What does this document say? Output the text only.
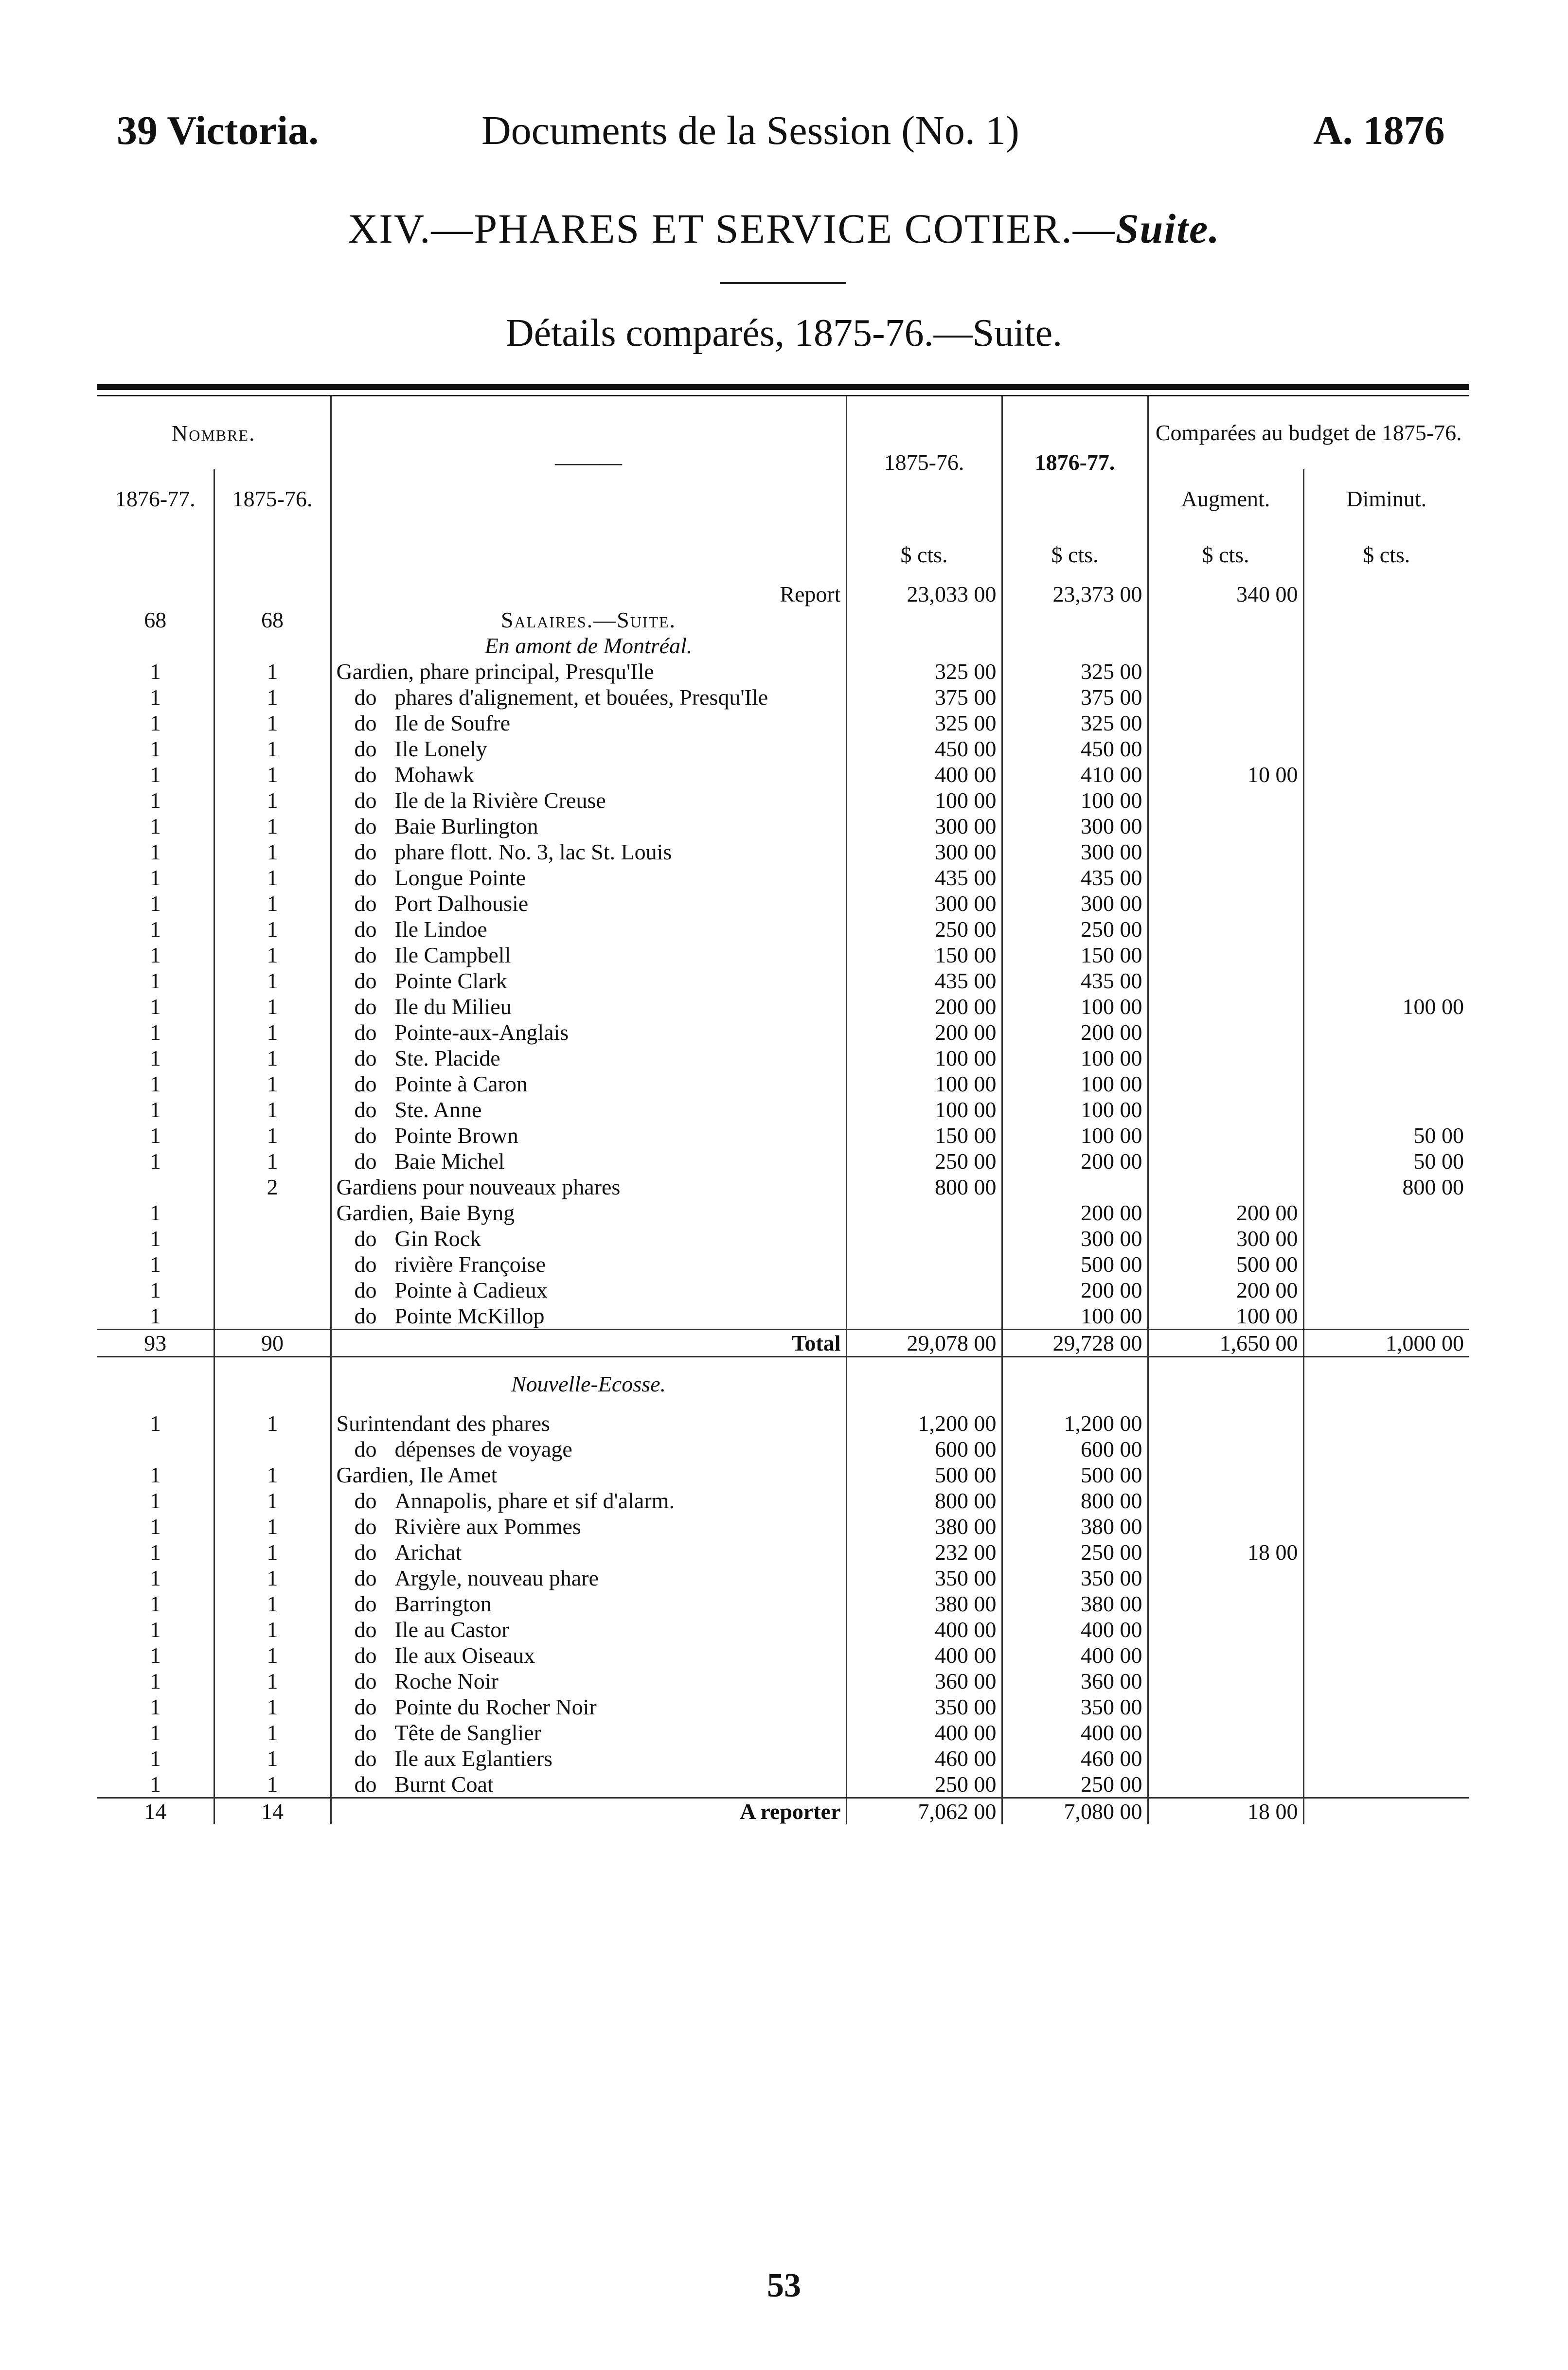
39 Victoria.	Documents de la Session (No. 1)	A. 1876
XIV.—PHARES ET SERVICE COTIER.—Suite.
Détails comparés, 1875-76.—Suite.
Nombre.		———	1875-76.	1876-77.	Comparées au budget de 1875-76.	
1876-77.	1875-76.				Augment.	Diminut.
			$ cts.	$ cts.	$ cts.	$ cts.
		Report	23,033 00	23,373 00	340 00	
68	68	Salaires.—Suite.				
		En amont de Montréal.				
1	1	Gardien, phare principal, Presqu'Ile	325 00	325 00		
1	1	do phares d'alignement, et bouées, Presqu'Ile	375 00	375 00		
1	1	do Ile de Soufre	325 00	325 00		
1	1	do Ile Lonely	450 00	450 00		
1	1	do Mohawk	400 00	410 00	10 00	
1	1	do Ile de la Rivière Creuse	100 00	100 00		
1	1	do Baie Burlington	300 00	300 00		
1	1	do phare flott. No. 3, lac St. Louis	300 00	300 00		
1	1	do Longue Pointe	435 00	435 00		
1	1	do Port Dalhousie	300 00	300 00		
1	1	do Ile Lindoe	250 00	250 00		
1	1	do Ile Campbell	150 00	150 00		
1	1	do Pointe Clark	435 00	435 00		
1	1	do Ile du Milieu	200 00	100 00		100 00
1	1	do Pointe-aux-Anglais	200 00	200 00		
1	1	do Ste. Placide	100 00	100 00		
1	1	do Pointe à Caron	100 00	100 00		
1	1	do Ste. Anne	100 00	100 00		
1	1	do Pointe Brown	150 00	100 00		50 00
1	1	do Baie Michel	250 00	200 00		50 00
	2	Gardiens pour nouveaux phares	800 00			800 00
1		Gardien, Baie Byng		200 00	200 00	
1		do Gin Rock		300 00	300 00	
1		do rivière Françoise		500 00	500 00	
1		do Pointe à Cadieux		200 00	200 00	
1		do Pointe McKillop		100 00	100 00	
93	90	Total	29,078 00	29,728 00	1,650 00	1,000 00
		Nouvelle-Ecosse.				
1	1	Surintendant des phares	1,200 00	1,200 00		
		do dépenses de voyage	600 00	600 00		
1	1	Gardien, Ile Amet	500 00	500 00		
1	1	do Annapolis, phare et sif d'alarm.	800 00	800 00		
1	1	do Rivière aux Pommes	380 00	380 00		
1	1	do Arichat	232 00	250 00	18 00	
1	1	do Argyle, nouveau phare	350 00	350 00		
1	1	do Barrington	380 00	380 00		
1	1	do Ile au Castor	400 00	400 00		
1	1	do Ile aux Oiseaux	400 00	400 00		
1	1	do Roche Noir	360 00	360 00		
1	1	do Pointe du Rocher Noir	350 00	350 00		
1	1	do Tête de Sanglier	400 00	400 00		
1	1	do Ile aux Eglantiers	460 00	460 00		
1	1	do Burnt Coat	250 00	250 00		
14	14	A reporter	7,062 00	7,080 00	18 00	
53
